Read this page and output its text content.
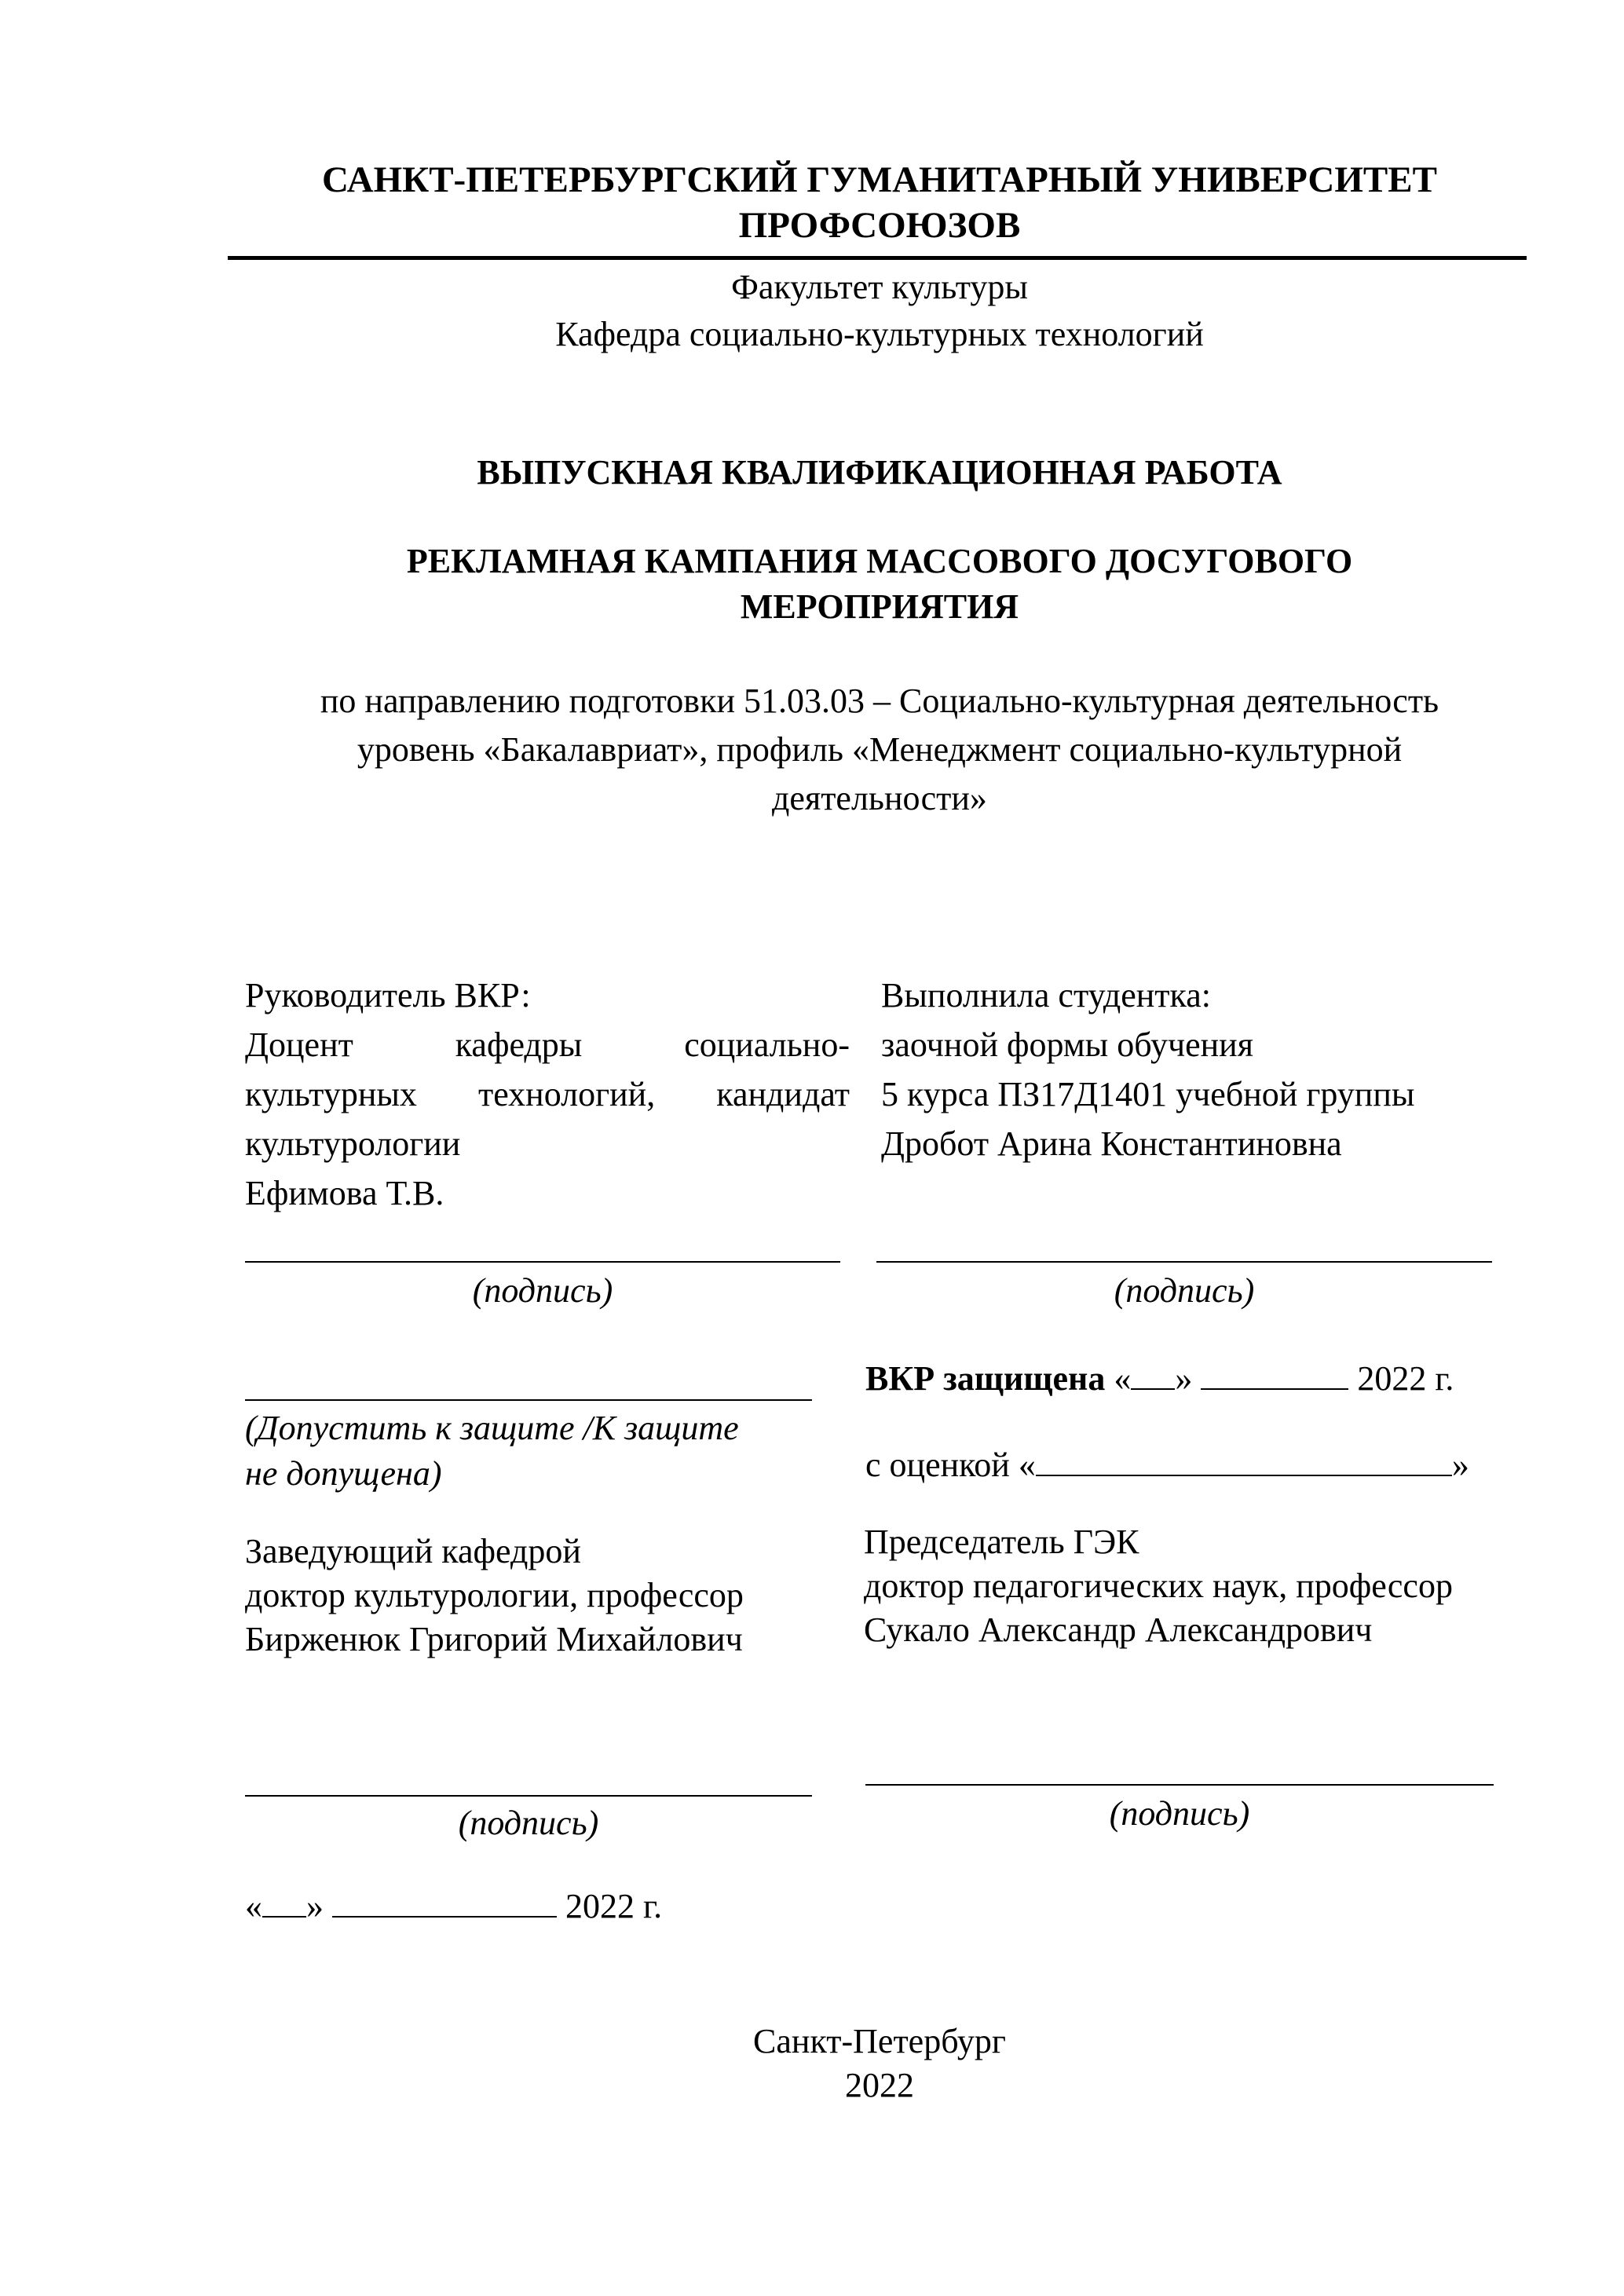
САНКТ-ПЕТЕРБУРГСКИЙ ГУМАНИТАРНЫЙ УНИВЕРСИТЕТ
ПРОФСОЮЗОВ
Факультет культуры
Кафедра социально-культурных технологий
ВЫПУСКНАЯ КВАЛИФИКАЦИОННАЯ РАБОТА
РЕКЛАМНАЯ КАМПАНИЯ МАССОВОГО ДОСУГОВОГО
МЕРОПРИЯТИЯ
по направлению подготовки 51.03.03 – Социально-культурная деятельность
уровень «Бакалавриат», профиль «Менеджмент социально-культурной
деятельности»
Руководитель ВКР:
Доцент кафедры социально-
культурных технологий, кандидат
культурологии
Ефимова Т.В.
(подпись)
Выполнила студентка:
заочной формы обучения
5 курса ПЗ17Д1401 учебной группы
Дробот Арина Константиновна
(подпись)
(Допустить к защите /К защите
не допущена)
ВКР защищена « »	2022 г.
с оценкой «	»
Заведующий кафедрой
доктор культурологии, профессор
Бирженюк Григорий Михайлович
(подпись)
Председатель ГЭК
доктор педагогических наук, профессор
Сукало Александр Александрович
(подпись)
« »	2022 г.
Санкт-Петербург
2022
